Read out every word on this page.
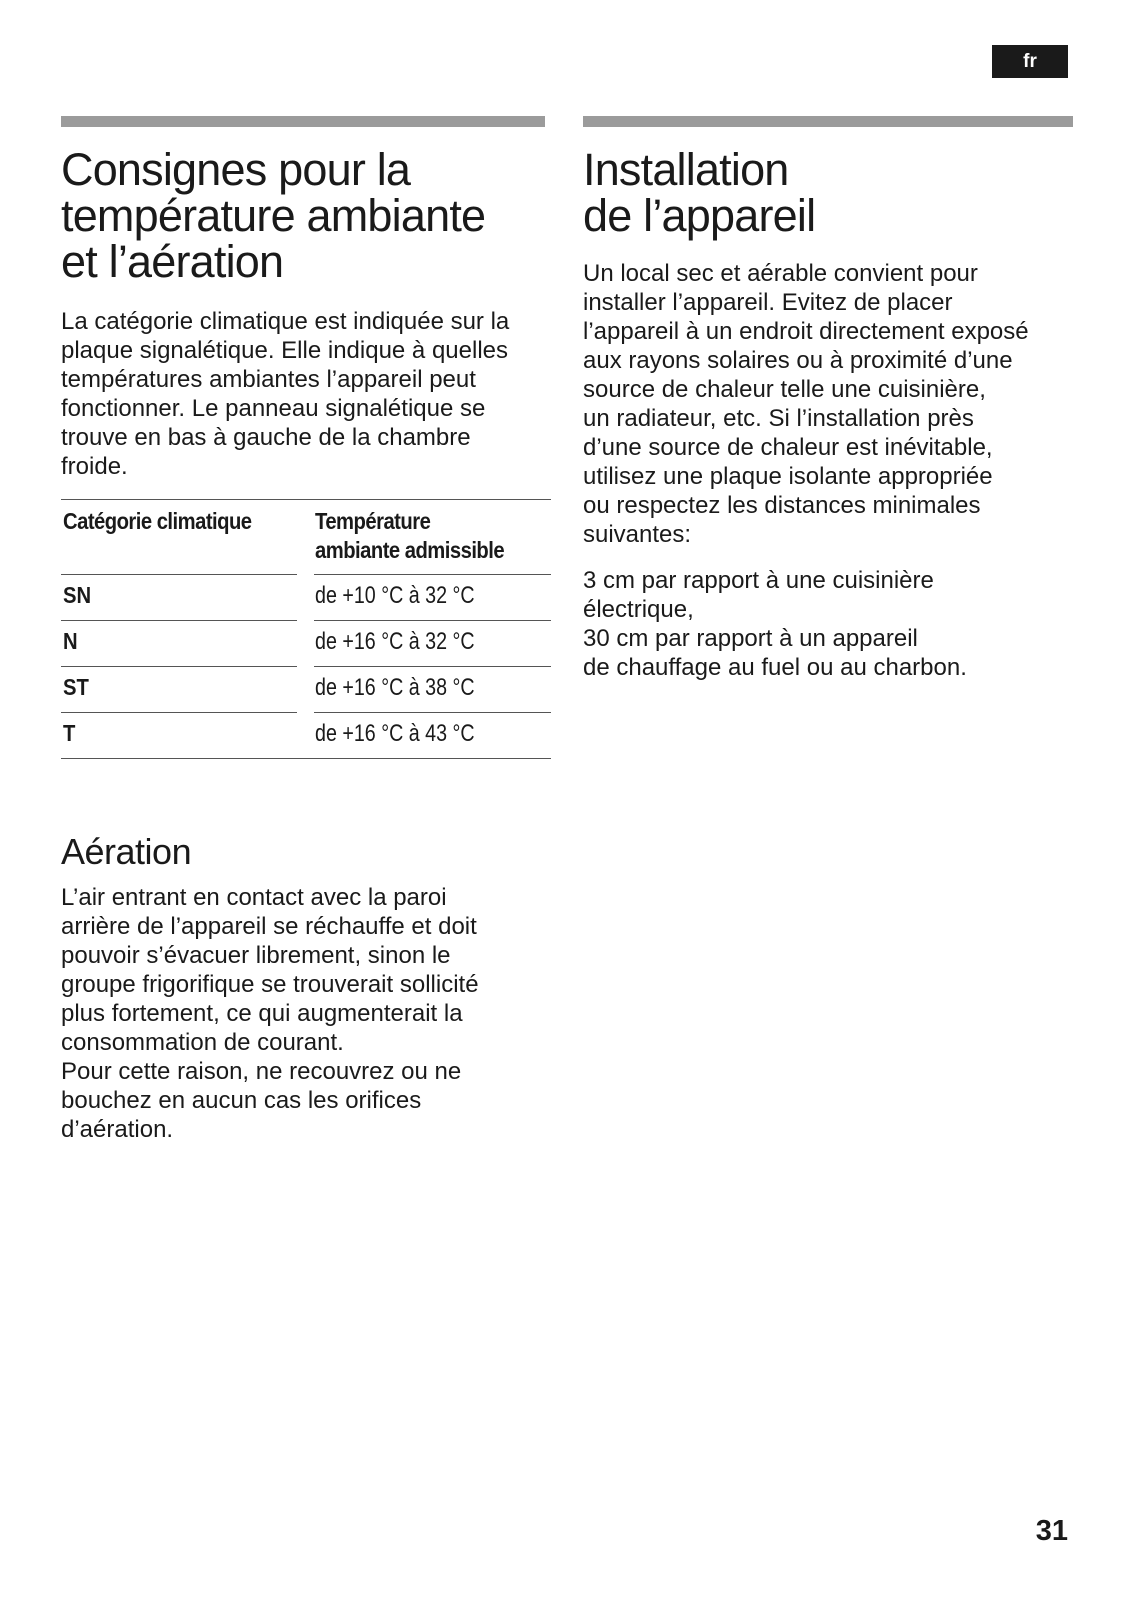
fr
Consignes pour la
température ambiante
et l’aération

La catégorie climatique est indiquée sur la
plaque signalétique. Elle indique à quelles
températures ambiantes l’appareil peut
fonctionner. Le panneau signalétique se
trouve en bas à gauche de la chambre
froide.

Catégorie climatique	Température
ambiante admissible
SN	de +10 °C à 32 °C
N	de +16 °C à 32 °C
ST	de +16 °C à 38 °C
T	de +16 °C à 43 °C
Aération

L’air entrant en contact avec la paroi
arrière de l’appareil se réchauffe et doit
pouvoir s’évacuer librement, sinon le
groupe frigorifique se trouverait sollicité
plus fortement, ce qui augmenterait la
consommation de courant.
Pour cette raison, ne recouvrez ou ne
bouchez en aucun cas les orifices
d’aération.

Installation
de l’appareil

Un local sec et aérable convient pour
installer l’appareil. Evitez de placer
l’appareil à un endroit directement exposé
aux rayons solaires ou à proximité d’une
source de chaleur telle une cuisinière,
un radiateur, etc. Si l’installation près
d’une source de chaleur est inévitable,
utilisez une plaque isolante appropriée
ou respectez les distances minimales
suivantes:

3 cm par rapport à une cuisinière
électrique,
30 cm par rapport à un appareil
de chauffage au fuel ou au charbon.

31
